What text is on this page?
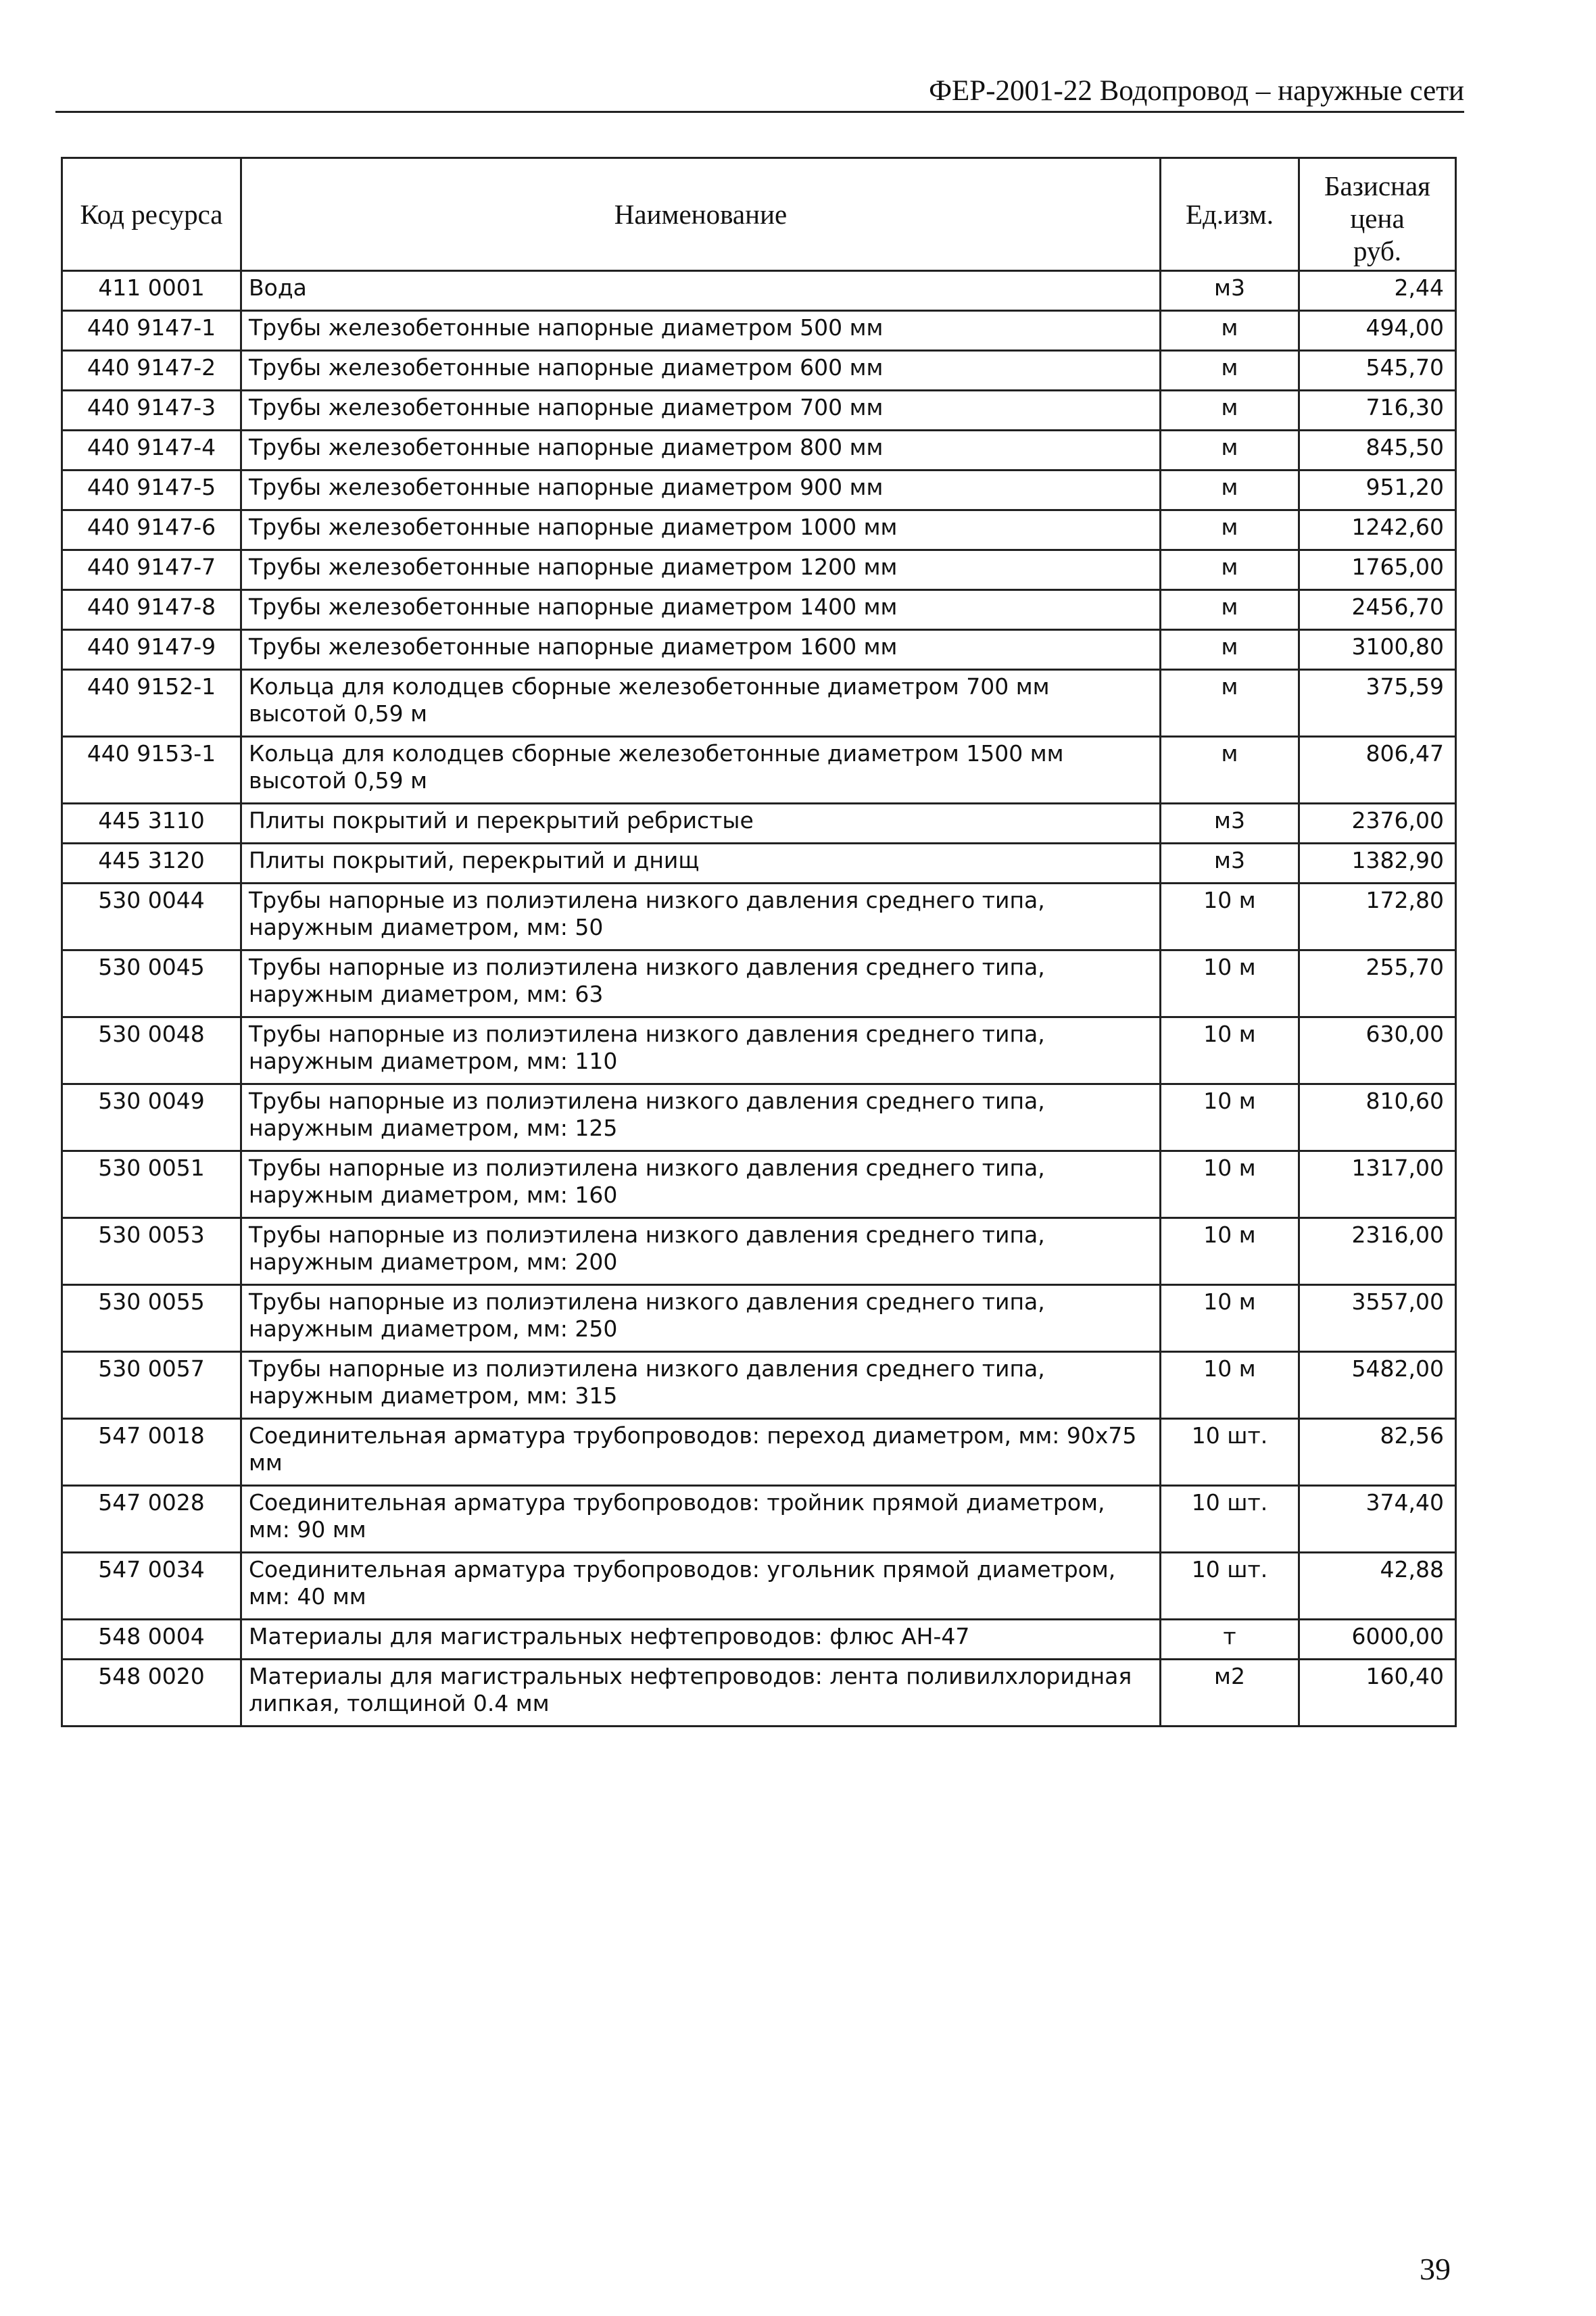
ФЕР-2001-22 Водопровод – наружные сети
Код ресурса	Наименование	Ед.изм.	Базисная
цена
руб.

411 0001	Вода	м3	2,44
440 9147-1	Трубы железобетонные напорные диаметром 500 мм	м	494,00
440 9147-2	Трубы железобетонные напорные диаметром 600 мм	м	545,70
440 9147-3	Трубы железобетонные напорные диаметром 700 мм	м	716,30
440 9147-4	Трубы железобетонные напорные диаметром 800 мм	м	845,50
440 9147-5	Трубы железобетонные напорные диаметром 900 мм	м	951,20
440 9147-6	Трубы железобетонные напорные диаметром 1000 мм	м	1242,60
440 9147-7	Трубы железобетонные напорные диаметром 1200 мм	м	1765,00
440 9147-8	Трубы железобетонные напорные диаметром 1400 мм	м	2456,70
440 9147-9	Трубы железобетонные напорные диаметром 1600 мм	м	3100,80
440 9152-1	Кольца для колодцев сборные железобетонные диаметром 700 мм высотой 0,59 м	м	375,59
440 9153-1	Кольца для колодцев сборные железобетонные диаметром 1500 мм высотой 0,59 м	м	806,47
445 3110	Плиты покрытий и перекрытий ребристые	м3	2376,00
445 3120	Плиты покрытий, перекрытий и днищ	м3	1382,90
530 0044	Трубы напорные из полиэтилена низкого давления среднего типа, наружным диаметром, мм: 50	10 м	172,80
530 0045	Трубы напорные из полиэтилена низкого давления среднего типа, наружным диаметром, мм: 63	10 м	255,70
530 0048	Трубы напорные из полиэтилена низкого давления среднего типа, наружным диаметром, мм: 110	10 м	630,00
530 0049	Трубы напорные из полиэтилена низкого давления среднего типа, наружным диаметром, мм: 125	10 м	810,60
530 0051	Трубы напорные из полиэтилена низкого давления среднего типа, наружным диаметром, мм: 160	10 м	1317,00
530 0053	Трубы напорные из полиэтилена низкого давления среднего типа, наружным диаметром, мм: 200	10 м	2316,00
530 0055	Трубы напорные из полиэтилена низкого давления среднего типа, наружным диаметром, мм: 250	10 м	3557,00
530 0057	Трубы напорные из полиэтилена низкого давления среднего типа, наружным диаметром, мм: 315	10 м	5482,00
547 0018	Соединительная арматура трубопроводов: переход диаметром, мм: 90x75 мм	10 шт.	82,56
547 0028	Соединительная арматура трубопроводов: тройник прямой диаметром, мм: 90 мм	10 шт.	374,40
547 0034	Соединительная арматура трубопроводов: угольник прямой диаметром, мм: 40 мм	10 шт.	42,88
548 0004	Материалы для магистральных нефтепроводов: флюс АН-47	т	6000,00
548 0020	Материалы для магистральных нефтепроводов: лента поливилхлоридная липкая, толщиной 0.4 мм	м2	160,40
39
